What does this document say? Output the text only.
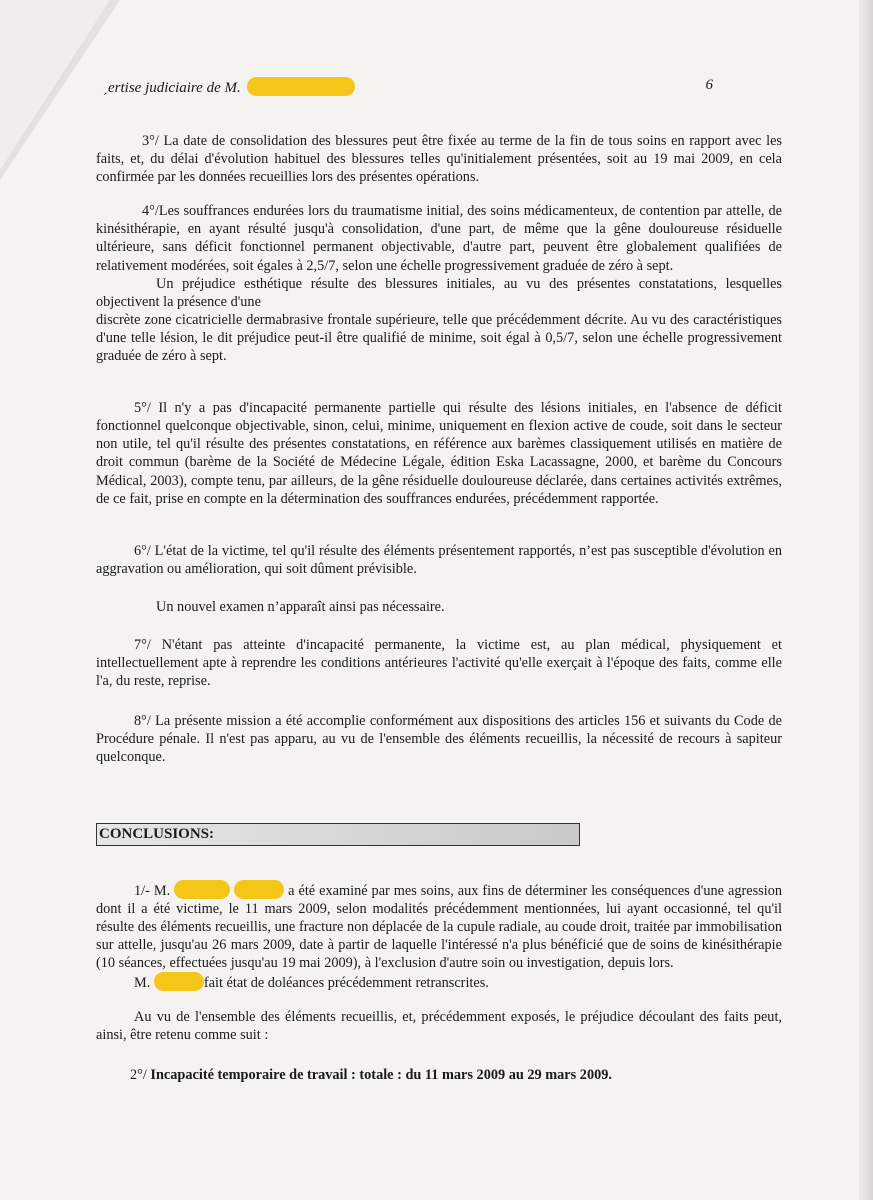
ˏertise judiciaire de M.	6

3°/ La date de consolidation des blessures peut être fixée au terme de la fin de tous soins en rapport avec les faits, et, du délai d'évolution habituel des blessures telles qu'initialement présentées, soit au 19 mai 2009, en cela confirmée par les données recueillies lors des présentes opérations.

4°/Les souffrances endurées lors du traumatisme initial, des soins médicamenteux, de contention par attelle, de kinésithérapie, en ayant résulté jusqu'à consolidation, d'une part, de même que la gêne douloureuse résiduelle ultérieure, sans déficit fonctionnel permanent objectivable, d'autre part, peuvent être globalement qualifiées de relativement modérées, soit égales à 2,5/7, selon une échelle progressivement graduée de zéro à sept.

Un préjudice esthétique résulte des blessures initiales, au vu des présentes constatations, lesquelles objectivent la présence d'une

discrète zone cicatricielle dermabrasive frontale supérieure, telle que précédemment décrite. Au vu des caractéristiques d'une telle lésion, le dit préjudice peut-il être qualifié de minime, soit égal à 0,5/7, selon une échelle progressivement graduée de zéro à sept.

5°/ Il n'y a pas d'incapacité permanente partielle qui résulte des lésions initiales, en l'absence de déficit fonctionnel quelconque objectivable, sinon, celui, minime, uniquement en flexion active de coude, soit dans le secteur non utile, tel qu'il résulte des présentes constatations, en référence aux barèmes classiquement utilisés en matière de droit commun (barème de la Société de Médecine Légale, édition Eska Lacassagne, 2000, et barème du Concours Médical, 2003), compte tenu, par ailleurs, de la gêne résiduelle douloureuse déclarée, dans certaines activités extrêmes, de ce fait, prise en compte en la détermination des souffrances endurées, précédemment rapportée.

6°/ L'état de la victime, tel qu'il résulte des éléments présentement rapportés, n’est pas susceptible d'évolution en aggravation ou amélioration, qui soit dûment prévisible.

Un nouvel examen n’apparaît ainsi pas nécessaire.

7°/ N'étant pas atteinte d'incapacité permanente, la victime est, au plan médical, physiquement et intellectuellement apte à reprendre les conditions antérieures l'activité qu'elle exerçait à l'époque des faits, comme elle l'a, du reste, reprise.

8°/ La présente mission a été accomplie conformément aux dispositions des articles 156 et suivants du Code de Procédure pénale. Il n'est pas apparu, au vu de l'ensemble des éléments recueillis, la nécessité de recours à sapiteur quelconque.

CONCLUSIONS:

1/- M.	a été examiné par mes soins, aux fins de déterminer les conséquences d'une agression dont il a été victime, le 11 mars 2009, selon modalités précédemment mentionnées, lui ayant occasionné, tel qu'il résulte des éléments recueillis, une fracture non déplacée de la cupule radiale, au coude droit, traitée par immobilisation sur attelle, jusqu'au 26 mars 2009, date à partir de laquelle l'intéressé n'a plus bénéficié que de soins de kinésithérapie (10 séances, effectuées jusqu'au 19 mai 2009), à l'exclusion d'autre soin ou investigation, depuis lors.

M.	fait état de doléances précédemment retranscrites.

Au vu de l'ensemble des éléments recueillis, et, précédemment exposés, le préjudice découlant des faits peut, ainsi, être retenu comme suit :

2°/ Incapacité temporaire de travail : totale : du 11 mars 2009 au 29 mars 2009.
